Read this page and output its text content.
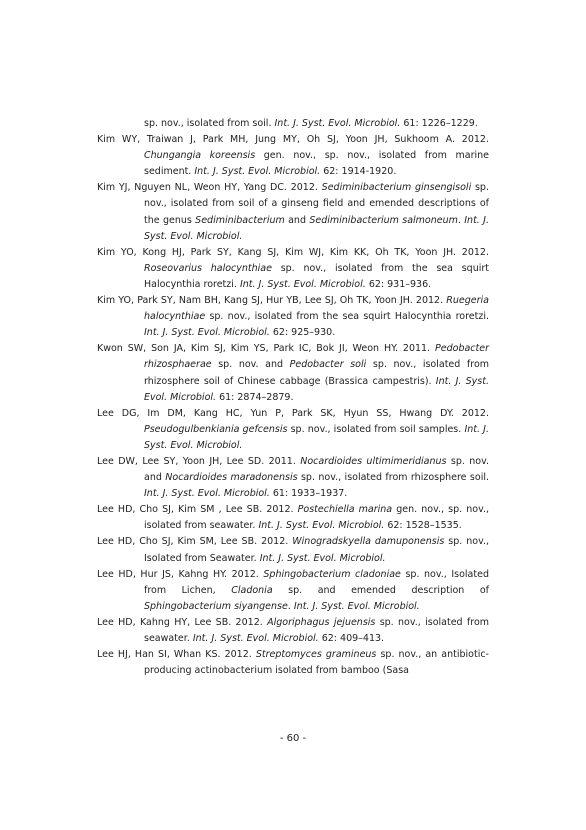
sp. nov., isolated from soil. Int. J. Syst. Evol. Microbiol. 61: 1226–1229.
Kim WY, Traiwan J, Park MH, Jung MY, Oh SJ, Yoon JH, Sukhoom A. 2012. Chungangia koreensis gen. nov., sp. nov., isolated from marine sediment. Int. J. Syst. Evol. Microbiol. 62: 1914-1920.
Kim YJ, Nguyen NL, Weon HY, Yang DC. 2012. Sediminibacterium ginsengisoli sp. nov., isolated from soil of a ginseng field and emended descriptions of the genus Sediminibacterium and Sediminibacterium salmoneum. Int. J. Syst. Evol. Microbiol.
Kim YO, Kong HJ, Park SY, Kang SJ, Kim WJ, Kim KK, Oh TK, Yoon JH. 2012. Roseovarius halocynthiae sp. nov., isolated from the sea squirt Halocynthia roretzi. Int. J. Syst. Evol. Microbiol. 62: 931–936.
Kim YO, Park SY, Nam BH, Kang SJ, Hur YB, Lee SJ, Oh TK, Yoon JH. 2012. Ruegeria halocynthiae sp. nov., isolated from the sea squirt Halocynthia roretzi. Int. J. Syst. Evol. Microbiol. 62: 925–930.
Kwon SW, Son JA, Kim SJ, Kim YS, Park IC, Bok JI, Weon HY. 2011. Pedobacter rhizosphaerae sp. nov. and Pedobacter soli sp. nov., isolated from rhizosphere soil of Chinese cabbage (Brassica campestris). Int. J. Syst. Evol. Microbiol. 61: 2874–2879.
Lee DG, Im DM, Kang HC, Yun P, Park SK, Hyun SS, Hwang DY. 2012. Pseudogulbenkiania gefcensis sp. nov., isolated from soil samples. Int. J. Syst. Evol. Microbiol.
Lee DW, Lee SY, Yoon JH, Lee SD. 2011. Nocardioides ultimimeridianus sp. nov. and Nocardioides maradonensis sp. nov., isolated from rhizosphere soil. Int. J. Syst. Evol. Microbiol. 61: 1933–1937.
Lee HD, Cho SJ, Kim SM , Lee SB. 2012. Postechiella marina gen. nov., sp. nov., isolated from seawater. Int. J. Syst. Evol. Microbiol. 62: 1528–1535.
Lee HD, Cho SJ, Kim SM, Lee SB. 2012. Winogradskyella damuponensis sp. nov., Isolated from Seawater. Int. J. Syst. Evol. Microbiol.
Lee HD, Hur JS, Kahng HY. 2012. Sphingobacterium cladoniae sp. nov., Isolated from Lichen, Cladonia sp. and emended description of Sphingobacterium siyangense. Int. J. Syst. Evol. Microbiol.
Lee HD, Kahng HY, Lee SB. 2012. Algoriphagus jejuensis sp. nov., isolated from seawater. Int. J. Syst. Evol. Microbiol. 62: 409–413.
Lee HJ, Han SI, Whan KS. 2012. Streptomyces gramineus sp. nov., an antibiotic-producing actinobacterium isolated from bamboo (Sasa
- 60 -
